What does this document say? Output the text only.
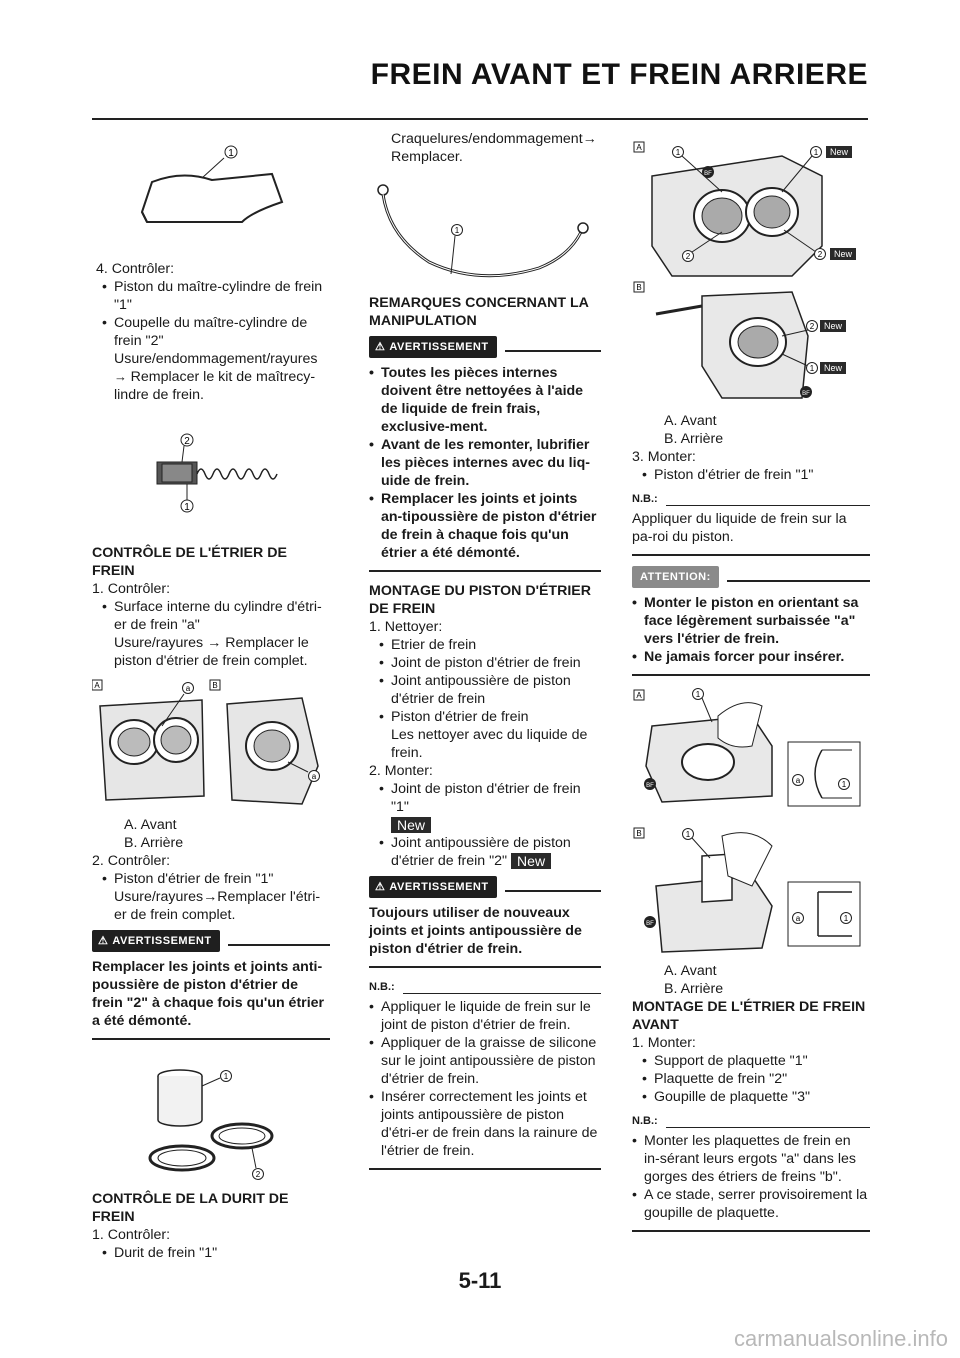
FREIN AVANT ET FREIN ARRIERE
1

4. Contrôler:

• Piston du maître-cylindre de frein "1"
• Coupelle du maître-cylindre de frein "2"

Usure/endommagement/rayures

→ Remplacer le kit de maîtrecy-lindre de frein.

2
1

CONTRÔLE DE L'ÉTRIER DE FREIN

1. Contrôler:

• Surface interne du cylindre d'étri-er de frein "a"

Usure/rayures → Remplacer le piston d'étrier de frein complet.

A	B
a
a

A. Avant

B. Arrière

2. Contrôler:

• Piston d'étrier de frein "1"

Usure/rayures→Remplacer l'étri-er de frein complet.

⚠ AVERTISSEMENT

Remplacer les joints et joints anti-poussière de piston d'étrier de frein "2" à chaque fois qu'un étrier a été démonté.

1
2

CONTRÔLE DE LA DURIT DE FREIN

1. Contrôler:

• Durit de frein "1"

Craquelures/endommagement→

Remplacer.

1

REMARQUES CONCERNANT LA MANIPULATION

⚠ AVERTISSEMENT
• Toutes les pièces internes doivent être nettoyées à l'aide de liquide de frein frais, exclusive-ment.
• Avant de les remonter, lubrifier les pièces internes avec du liq-uide de frein.
• Remplacer les joints et joints an-tipoussière de piston d'étrier de frein à chaque fois qu'un étrier a été démonté.

MONTAGE DU PISTON D'ÉTRIER DE FREIN

1. Nettoyer:

• Etrier de frein
• Joint de piston d'étrier de frein
• Joint antipoussière de piston d'étrier de frein
• Piston d'étrier de frein

Les nettoyer avec du liquide de frein.

2. Monter:

• Joint de piston d'étrier de frein "1"
New
• Joint antipoussière de piston d'étrier de frein "2" New
⚠ AVERTISSEMENT

Toujours utiliser de nouveaux joints et joints antipoussière de piston d'étrier de frein.

N.B.:
• Appliquer le liquide de frein sur le joint de piston d'étrier de frein.
• Appliquer de la graisse de silicone sur le joint antipoussière de piston d'étrier de frein.
• Insérer correctement les joints et joints antipoussière de piston d'étri-er de frein dans la rainure de l'étrier de frein.
A
BF
1	1 New
2	2 New
B
2 New
1 New
BF

A. Avant

B. Arrière

3. Monter:

• Piston d'étrier de frein "1"
N.B.:

Appliquer du liquide de frein sur la pa-roi du piston.

ATTENTION:
• Monter le piston en orientant sa face légèrement surbaissée "a" vers l'étrier de frein.
• Ne jamais forcer pour insérer.
A	1
BF
a	1
B	1
BF
a	1

A. Avant

B. Arrière

MONTAGE DE L'ÉTRIER DE FREIN AVANT

1. Monter:

• Support de plaquette "1"
• Plaquette de frein "2"
• Goupille de plaquette "3"
N.B.:
• Monter les plaquettes de frein en in-sérant leurs ergots "a" dans les gorges des étriers de freins "b".
• A ce stade, serrer provisoirement la goupille de plaquette.
5-11
carmanualsonline.info
